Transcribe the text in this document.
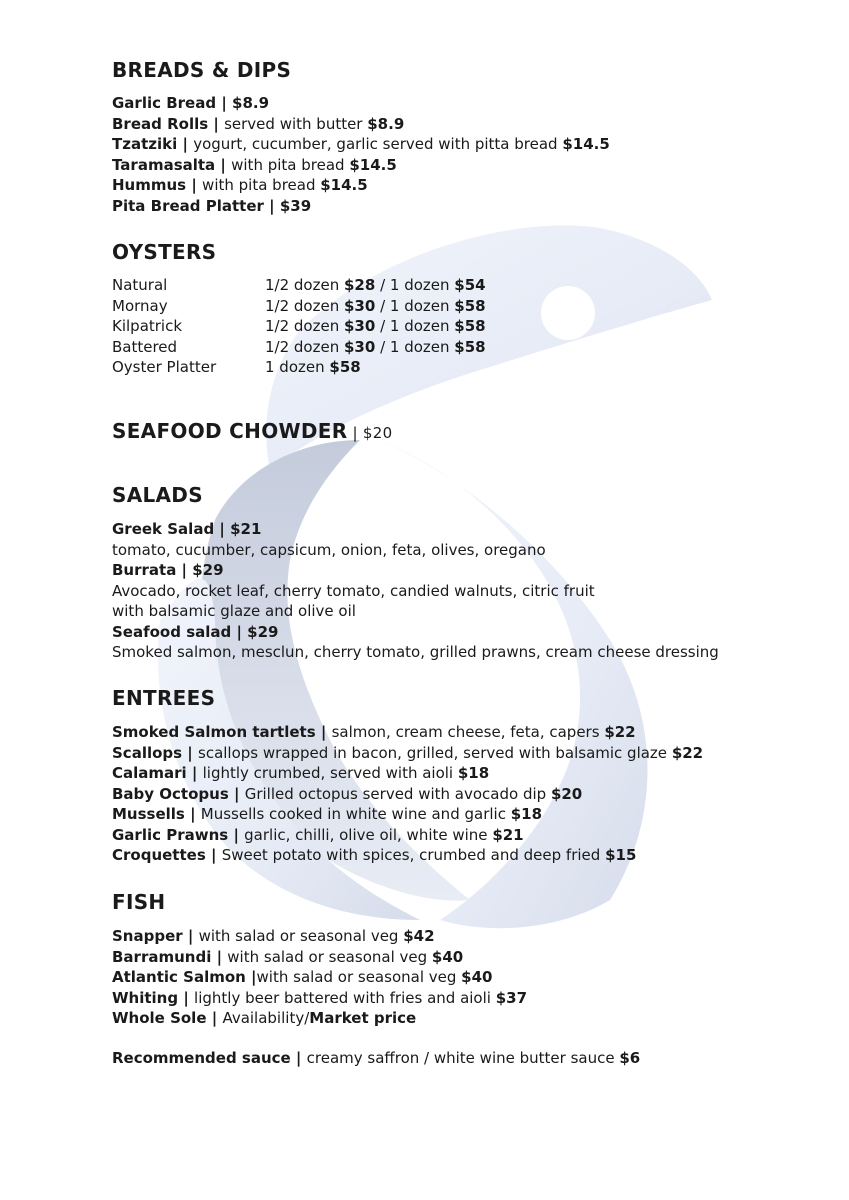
BREADS & DIPS
Garlic Bread | $8.9
Bread Rolls | served with butter $8.9
Tzatziki | yogurt, cucumber, garlic served with pitta bread $14.5
Taramasalta | with pita bread $14.5
Hummus | with pita bread $14.5
Pita Bread Platter | $39
OYSTERS
Natural	1/2 dozen $28 / 1 dozen $54
Mornay	1/2 dozen $30 / 1 dozen $58
Kilpatrick	1/2 dozen $30 / 1 dozen $58
Battered	1/2 dozen $30 / 1 dozen $58
Oyster Platter	1 dozen $58
SEAFOOD CHOWDER | $20
SALADS
Greek Salad | $21
tomato, cucumber, capsicum, onion, feta, olives, oregano
Burrata | $29
Avocado, rocket leaf, cherry tomato, candied walnuts, citric fruit
with balsamic glaze and olive oil
Seafood salad | $29
Smoked salmon, mesclun, cherry tomato, grilled prawns, cream cheese dressing
ENTREES
Smoked Salmon tartlets | salmon, cream cheese, feta, capers $22
Scallops | scallops wrapped in bacon, grilled, served with balsamic glaze $22
Calamari | lightly crumbed, served with aioli $18
Baby Octopus | Grilled octopus served with avocado dip $20
Mussells | Mussells cooked in white wine and garlic $18
Garlic Prawns | garlic, chilli, olive oil, white wine $21
Croquettes | Sweet potato with spices, crumbed and deep fried $15
FISH
Snapper | with salad or seasonal veg $42
Barramundi | with salad or seasonal veg $40
Atlantic Salmon |with salad or seasonal veg $40
Whiting | lightly beer battered with fries and aioli $37
Whole Sole | Availability/Market price
Recommended sauce | creamy saffron / white wine butter sauce $6
